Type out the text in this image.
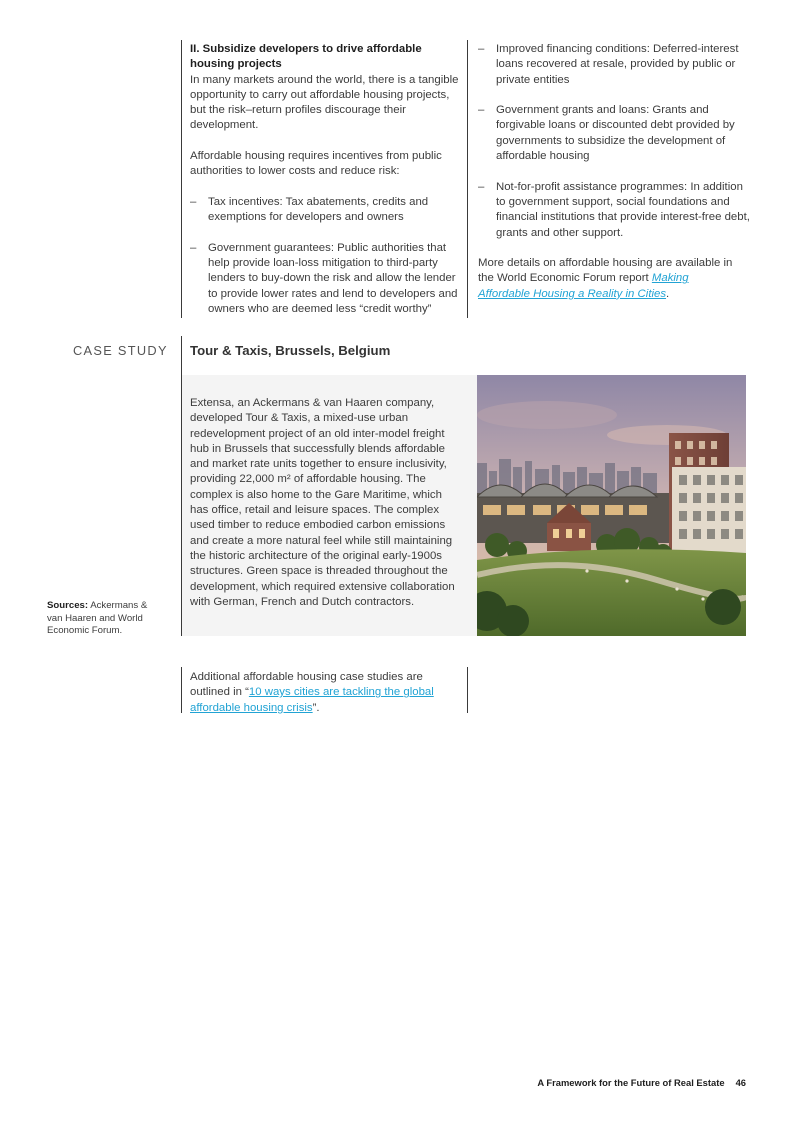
II. Subsidize developers to drive affordable housing projects

In many markets around the world, there is a tangible opportunity to carry out affordable housing projects, but the risk–return profiles discourage their development.

Affordable housing requires incentives from public authorities to lower costs and reduce risk:

– Tax incentives: Tax abatements, credits and exemptions for developers and owners
– Government guarantees: Public authorities that help provide loan-loss mitigation to third-party lenders to buy-down the risk and allow the lender to provide lower rates and lend to developers and owners who are deemed less “credit worthy”
– Improved financing conditions: Deferred-interest loans recovered at resale, provided by public or private entities
– Government grants and loans: Grants and forgivable loans or discounted debt provided by governments to subsidize the development of affordable housing
– Not-for-profit assistance programmes: In addition to government support, social foundations and financial institutions that provide interest-free debt, grants and other support.

More details on affordable housing are available in the World Economic Forum report Making Affordable Housing a Reality in Cities.

CASE STUDY Tour & Taxis, Brussels, Belgium
Extensa, an Ackermans & van Haaren company, developed Tour & Taxis, a mixed-use urban redevelopment project of an old inter-model freight hub in Brussels that successfully blends affordable and market rate units together to ensure inclusivity, providing 22,000 m² of affordable housing. The complex is also home to the Gare Maritime, which has office, retail and leisure spaces. The complex used timber to reduce embodied carbon emissions and create a more natural feel while still maintaining the historic architecture of the original early-1900s structures. Green space is threaded throughout the development, which required extensive collaboration with German, French and Dutch contractors.
Sources: Ackermans & van Haaren and World Economic Forum.
Additional affordable housing case studies are outlined in “10 ways cities are tackling the global affordable housing crisis”.
A Framework for the Future of Real Estate 46
